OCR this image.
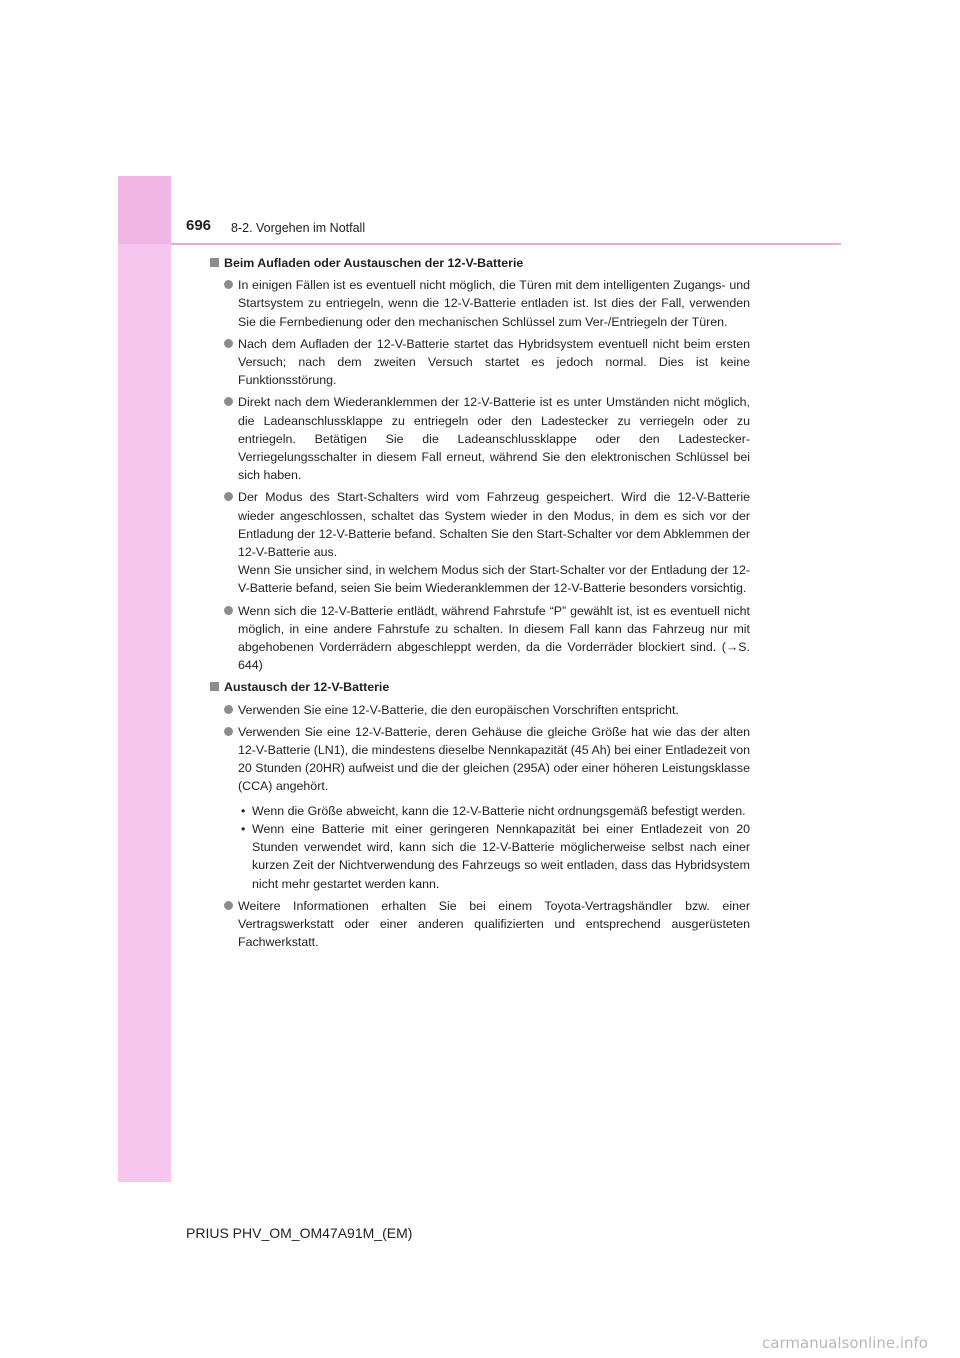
696 8-2. Vorgehen im Notfall
Beim Aufladen oder Austauschen der 12-V-Batterie

In einigen Fällen ist es eventuell nicht möglich, die Türen mit dem intelligenten Zugangs- und Startsystem zu entriegeln, wenn die 12-V-Batterie entladen ist. Ist dies der Fall, verwenden Sie die Fernbedienung oder den mechanischen Schlüssel zum Ver-/Entriegeln der Türen.

Nach dem Aufladen der 12-V-Batterie startet das Hybridsystem eventuell nicht beim ersten Versuch; nach dem zweiten Versuch startet es jedoch normal. Dies ist keine Funktionsstörung.

Direkt nach dem Wiederanklemmen der 12-V-Batterie ist es unter Umständen nicht möglich, die Ladeanschlussklappe zu entriegeln oder den Ladestecker zu verriegeln oder zu entriegeln. Betätigen Sie die Ladeanschlussklappe oder den Ladestecker-Verriegelungsschalter in diesem Fall erneut, während Sie den elektronischen Schlüssel bei sich haben.

Der Modus des Start-Schalters wird vom Fahrzeug gespeichert. Wird die 12-V-Batterie wieder angeschlossen, schaltet das System wieder in den Modus, in dem es sich vor der Entladung der 12-V-Batterie befand. Schalten Sie den Start-Schalter vor dem Abklemmen der 12-V-Batterie aus.

Wenn Sie unsicher sind, in welchem Modus sich der Start-Schalter vor der Entladung der 12-V-Batterie befand, seien Sie beim Wiederanklemmen der 12-V-Batterie besonders vorsichtig.

Wenn sich die 12-V-Batterie entlädt, während Fahrstufe “P” gewählt ist, ist es eventuell nicht möglich, in eine andere Fahrstufe zu schalten. In diesem Fall kann das Fahrzeug nur mit abgehobenen Vorderrädern abgeschleppt werden, da die Vorderräder blockiert sind. (→S. 644)

Austausch der 12-V-Batterie

Verwenden Sie eine 12-V-Batterie, die den europäischen Vorschriften entspricht.

Verwenden Sie eine 12-V-Batterie, deren Gehäuse die gleiche Größe hat wie das der alten 12-V-Batterie (LN1), die mindestens dieselbe Nennkapazität (45 Ah) bei einer Entladezeit von 20 Stunden (20HR) aufweist und die der gleichen (295A) oder einer höheren Leistungsklasse (CCA) angehört.

• Wenn die Größe abweicht, kann die 12-V-Batterie nicht ordnungsgemäß befestigt werden.

• Wenn eine Batterie mit einer geringeren Nennkapazität bei einer Entladezeit von 20 Stunden verwendet wird, kann sich die 12-V-Batterie möglicherweise selbst nach einer kurzen Zeit der Nichtverwendung des Fahrzeugs so weit entladen, dass das Hybridsystem nicht mehr gestartet werden kann.

Weitere Informationen erhalten Sie bei einem Toyota-Vertragshändler bzw. einer Vertragswerkstatt oder einer anderen qualifizierten und entsprechend ausgerüsteten Fachwerkstatt.

PRIUS PHV_OM_OM47A91M_(EM)
carmanualsonline.info
